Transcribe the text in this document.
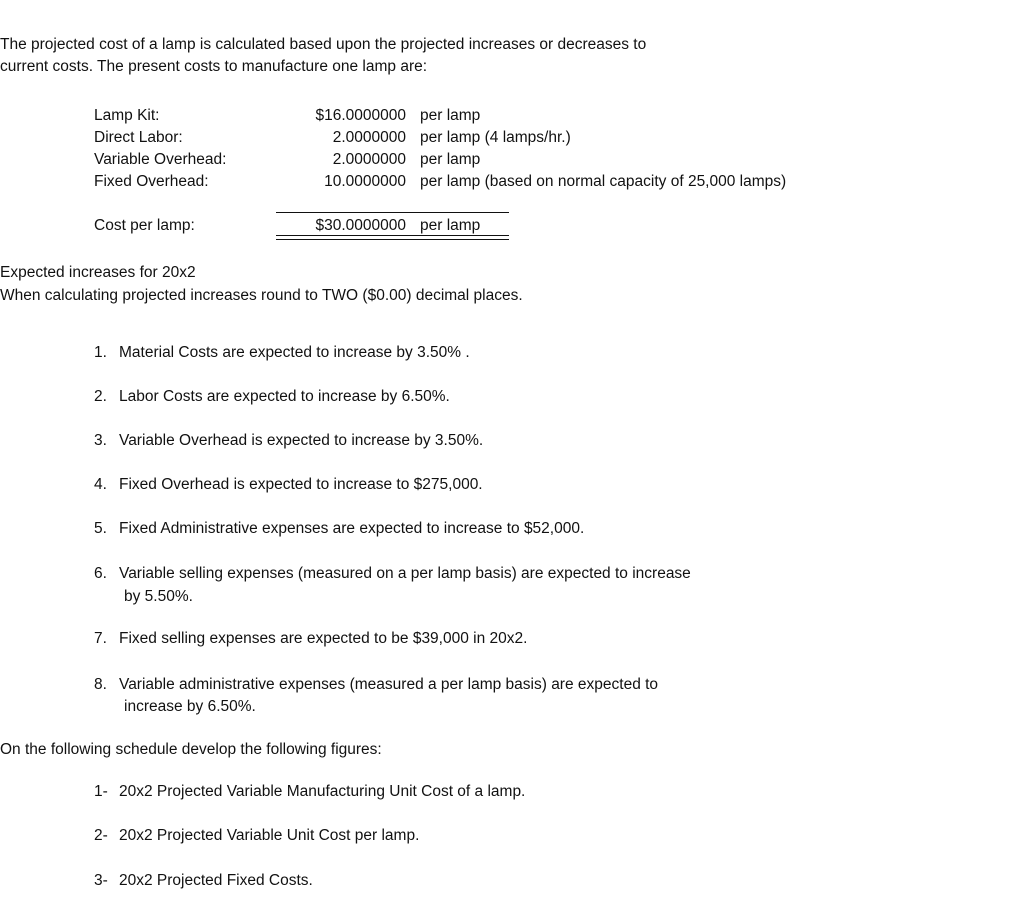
The projected cost of a lamp is calculated based upon the projected increases or decreases to
current costs. The present costs to manufacture one lamp are:
Lamp Kit:	$16.0000000 per lamp
Direct Labor:	2.0000000 per lamp (4 lamps/hr.)
Variable Overhead:	2.0000000 per lamp
Fixed Overhead:	10.0000000 per lamp (based on normal capacity of 25,000 lamps)
Cost per lamp:	$30.0000000 per lamp
Expected increases for 20x2
When calculating projected increases round to TWO ($0.00) decimal places.
1. Material Costs are expected to increase by 3.50% .
2. Labor Costs are expected to increase by 6.50%.
3. Variable Overhead is expected to increase by 3.50%.
4. Fixed Overhead is expected to increase to $275,000.
5. Fixed Administrative expenses are expected to increase to $52,000.
6. Variable selling expenses (measured on a per lamp basis) are expected to increase
by 5.50%.
7. Fixed selling expenses are expected to be $39,000 in 20x2.
8. Variable administrative expenses (measured a per lamp basis) are expected to
increase by 6.50%.
On the following schedule develop the following figures:
1- 20x2 Projected Variable Manufacturing Unit Cost of a lamp.
2- 20x2 Projected Variable Unit Cost per lamp.
3- 20x2 Projected Fixed Costs.
